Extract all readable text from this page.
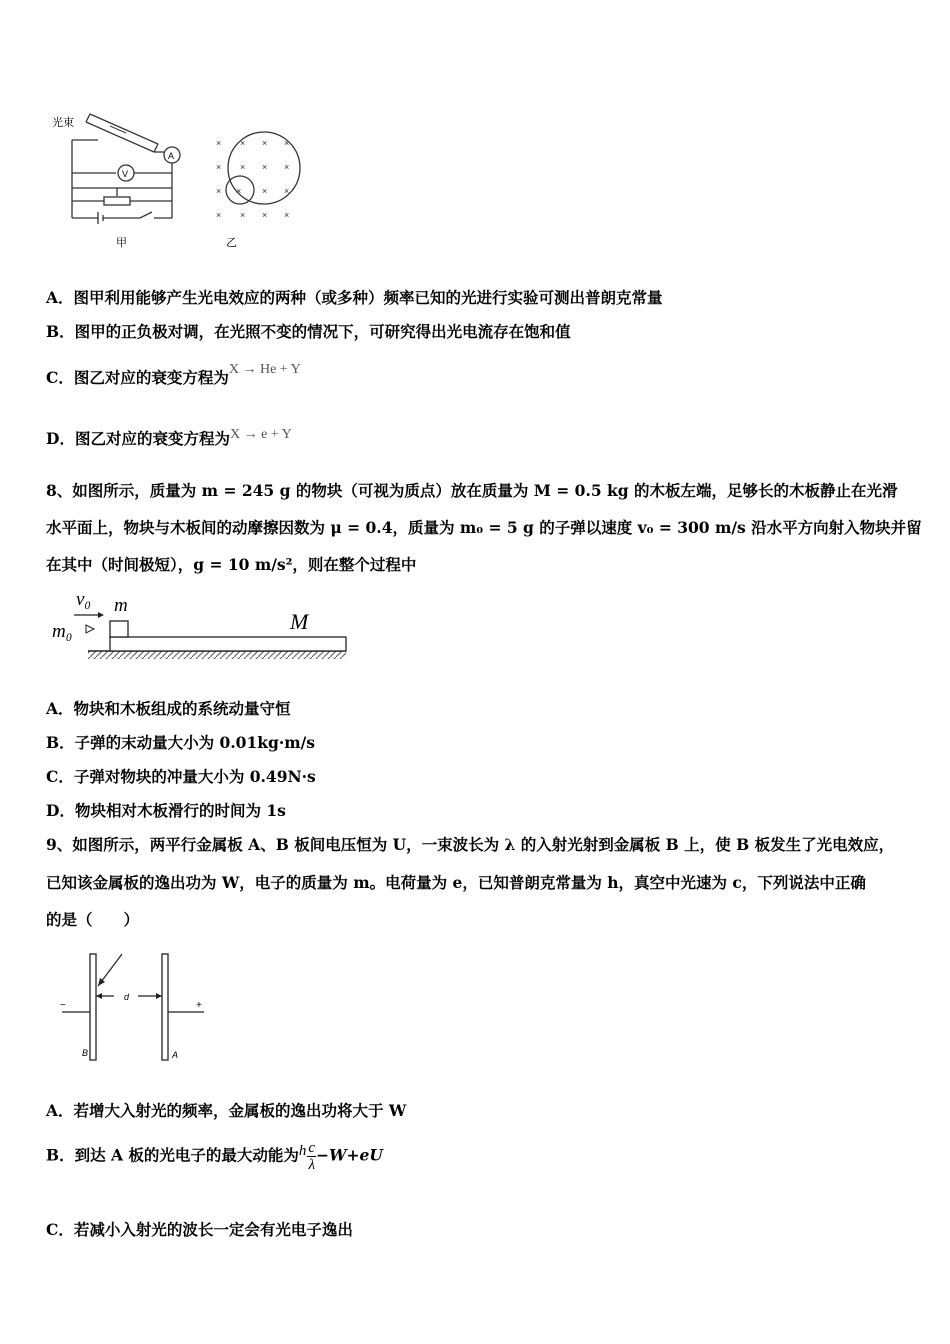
光束
A
V
甲	乙
× × × ×
× × × ×
× × × ×
× × × ×
A．图甲利用能够产生光电效应的两种（或多种）频率已知的光进行实验可测出普朗克常量
B．图甲的正负极对调，在光照不变的情况下，可研究得出光电流存在饱和值
C．图乙对应的衰变方程为X → He + Y
D．图乙对应的衰变方程为X → e + Y
8、如图所示，质量为 m = 245 g 的物块（可视为质点）放在质量为 M = 0.5 kg 的木板左端，足够长的木板静止在光滑
水平面上，物块与木板间的动摩擦因数为 μ = 0.4，质量为 m₀ = 5 g 的子弹以速度 v₀ = 300 m/s 沿水平方向射入物块并留
在其中（时间极短），g = 10 m/s²，则在整个过程中
v₀ m
m₀	M
A．物块和木板组成的系统动量守恒
B．子弹的末动量大小为 0.01kg·m/s
C．子弹对物块的冲量大小为 0.49N·s
D．物块相对木板滑行的时间为 1s
9、如图所示，两平行金属板 A、B 板间电压恒为 U，一束波长为 λ 的入射光射到金属板 B 上，使 B 板发生了光电效应，
已知该金属板的逸出功为 W，电子的质量为 m。电荷量为 e，已知普朗克常量为 h，真空中光速为 c，下列说法中正确
的是（　　）
−	+
d
B	A
A．若增大入射光的频率，金属板的逸出功将大于 W
B．到达 A 板的光电子的最大动能为h $\frac{c}{\lambda} -W+eU$
C．若减小入射光的波长一定会有光电子逸出
